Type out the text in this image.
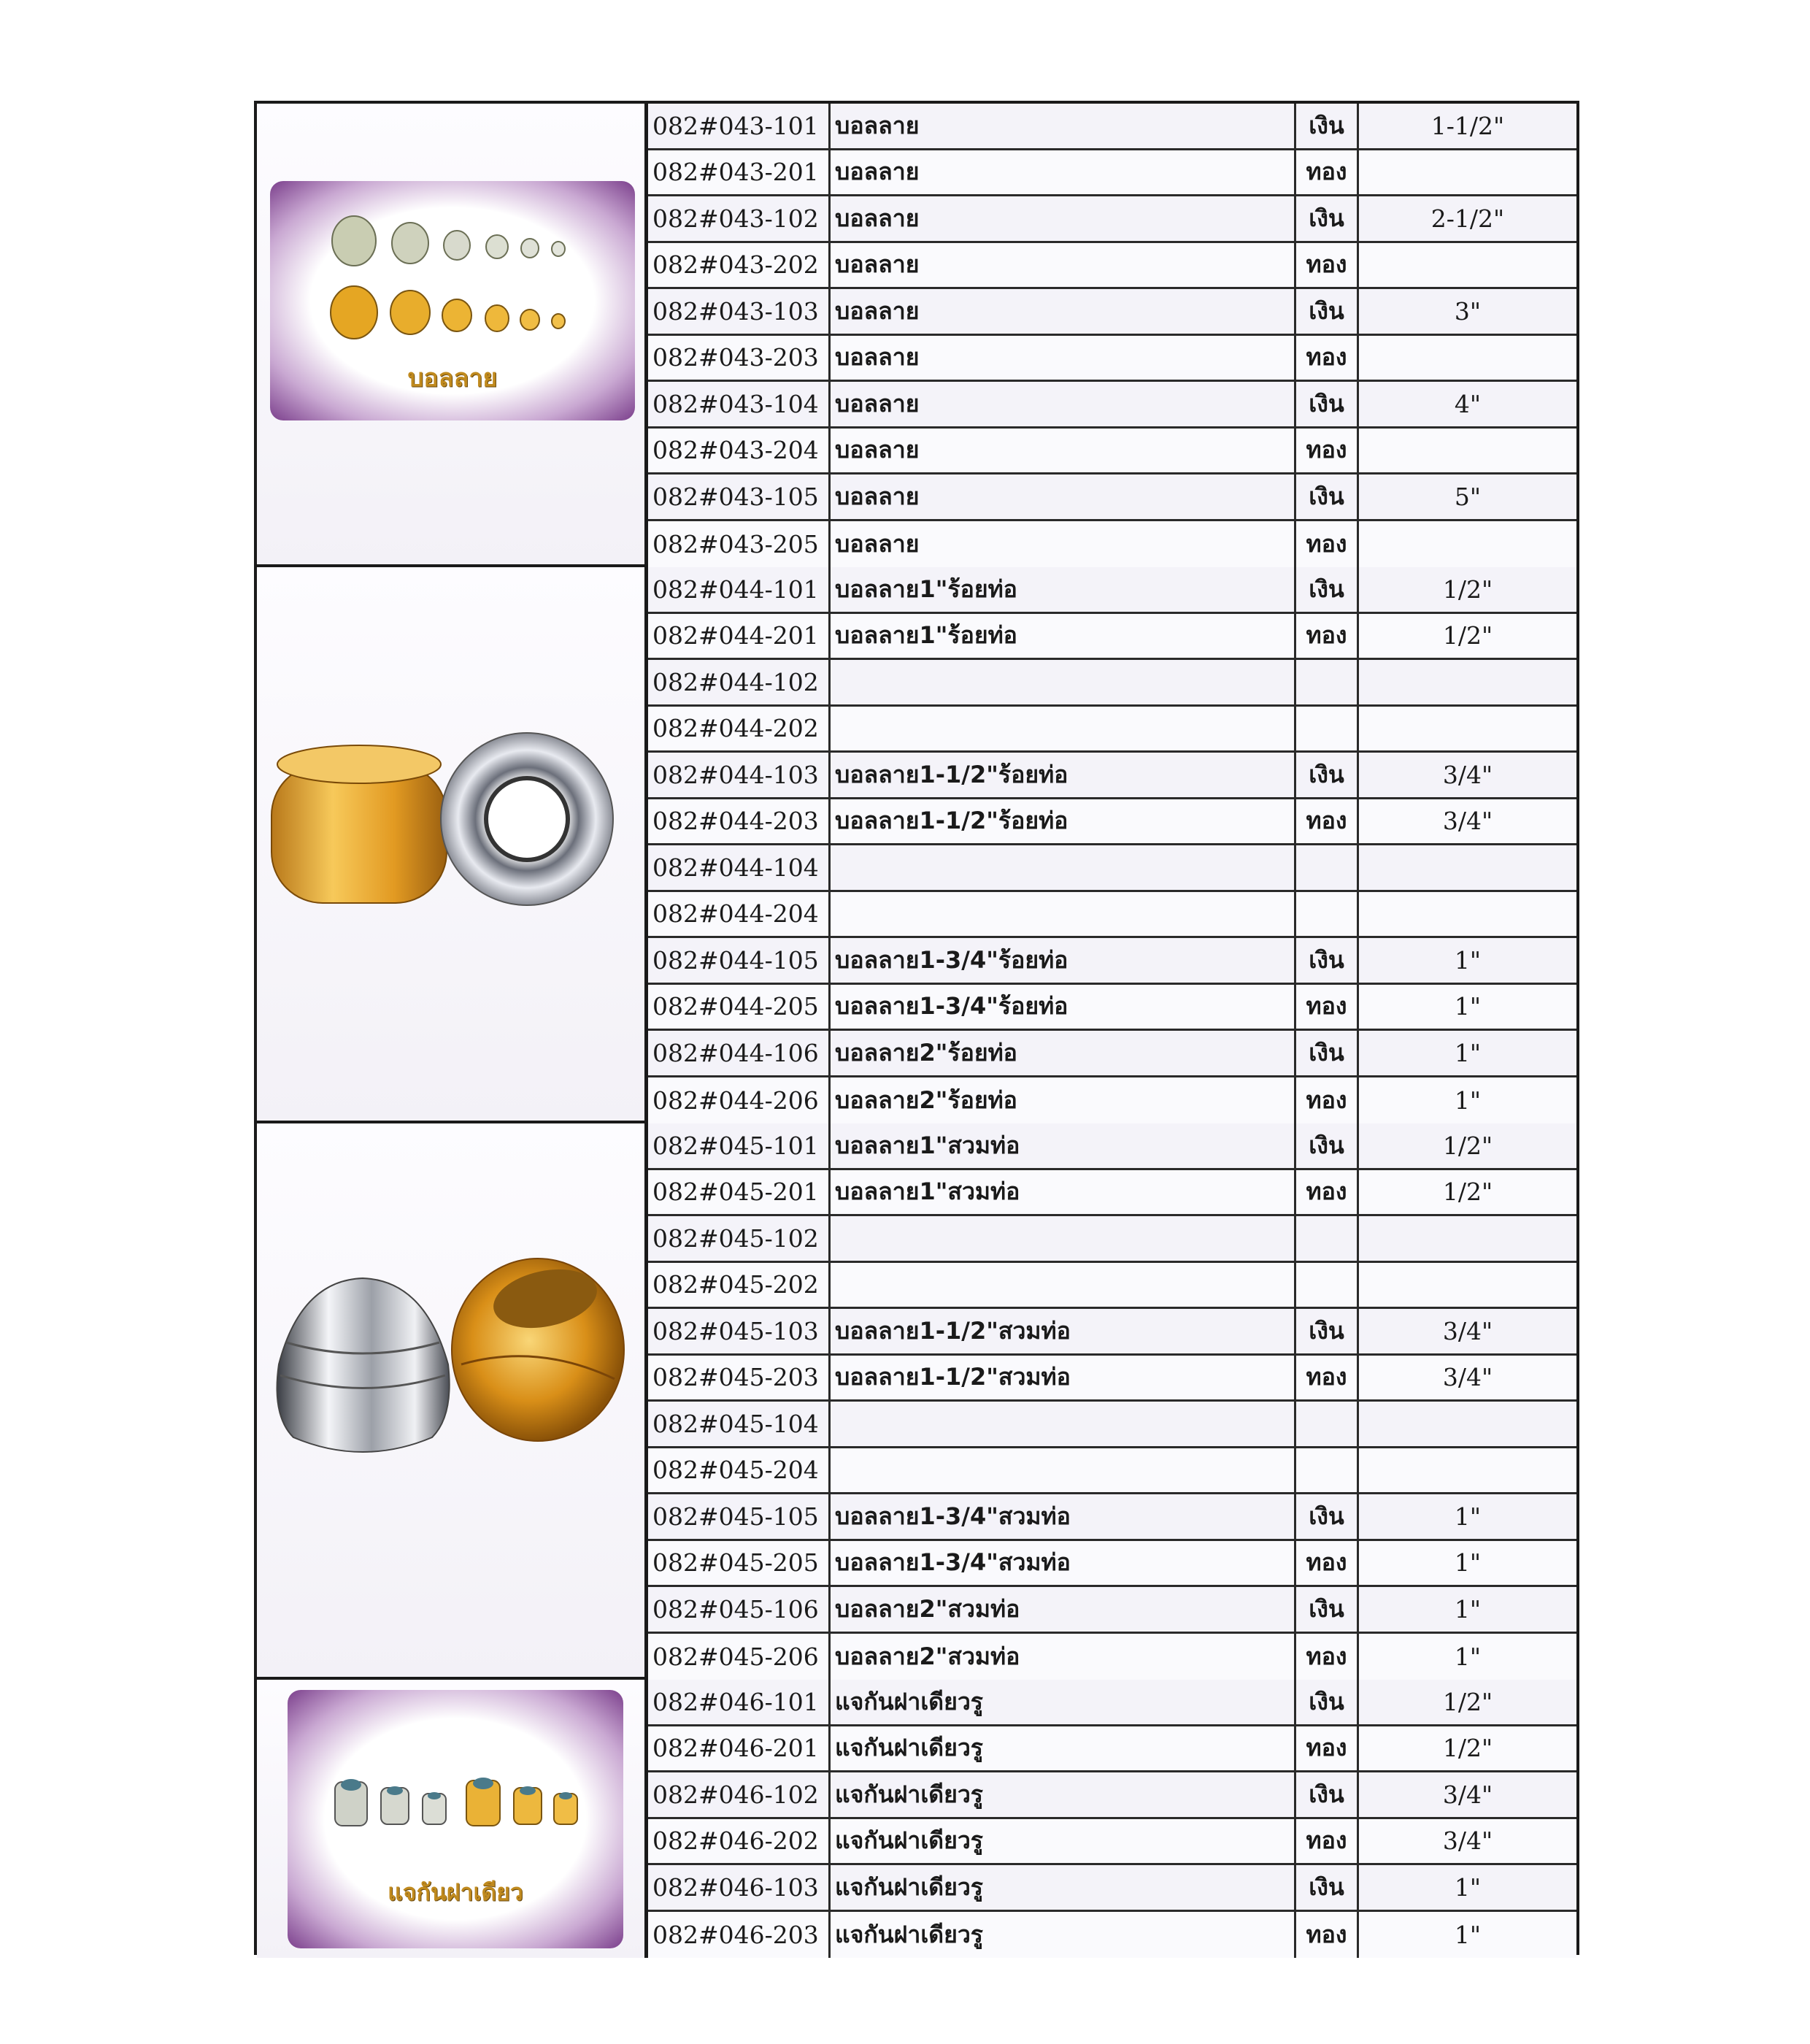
บอลลาย
082#043-101 บอลลาย	เงิน	1-1/2"
082#043-201 บอลลาย	ทอง
082#043-102 บอลลาย	เงิน	2-1/2"
082#043-202 บอลลาย	ทอง
082#043-103 บอลลาย	เงิน	3"
082#043-203 บอลลาย	ทอง
082#043-104 บอลลาย	เงิน	4"
082#043-204 บอลลาย	ทอง
082#043-105 บอลลาย	เงิน	5"
082#043-205 บอลลาย	ทอง
082#044-101 บอลลาย1"ร้อยท่อ	เงิน	1/2"
082#044-201 บอลลาย1"ร้อยท่อ	ทอง	1/2"
082#044-102
082#044-202
082#044-103 บอลลาย1-1/2"ร้อยท่อ	เงิน	3/4"
082#044-203 บอลลาย1-1/2"ร้อยท่อ	ทอง	3/4"
082#044-104
082#044-204
082#044-105 บอลลาย1-3/4"ร้อยท่อ	เงิน	1"
082#044-205 บอลลาย1-3/4"ร้อยท่อ	ทอง	1"
082#044-106 บอลลาย2"ร้อยท่อ	เงิน	1"
082#044-206 บอลลาย2"ร้อยท่อ	ทอง	1"
082#045-101 บอลลาย1"สวมท่อ	เงิน	1/2"
082#045-201 บอลลาย1"สวมท่อ	ทอง	1/2"
082#045-102
082#045-202
082#045-103 บอลลาย1-1/2"สวมท่อ	เงิน	3/4"
082#045-203 บอลลาย1-1/2"สวมท่อ	ทอง	3/4"
082#045-104
082#045-204
082#045-105 บอลลาย1-3/4"สวมท่อ	เงิน	1"
082#045-205 บอลลาย1-3/4"สวมท่อ	ทอง	1"
082#045-106 บอลลาย2"สวมท่อ	เงิน	1"
082#045-206 บอลลาย2"สวมท่อ	ทอง	1"
แจกันฝาเดียว
082#046-101 แจกันฝาเดียวรู	เงิน	1/2"
082#046-201 แจกันฝาเดียวรู	ทอง	1/2"
082#046-102 แจกันฝาเดียวรู	เงิน	3/4"
082#046-202 แจกันฝาเดียวรู	ทอง	3/4"
082#046-103 แจกันฝาเดียวรู	เงิน	1"
082#046-203 แจกันฝาเดียวรู	ทอง	1"
